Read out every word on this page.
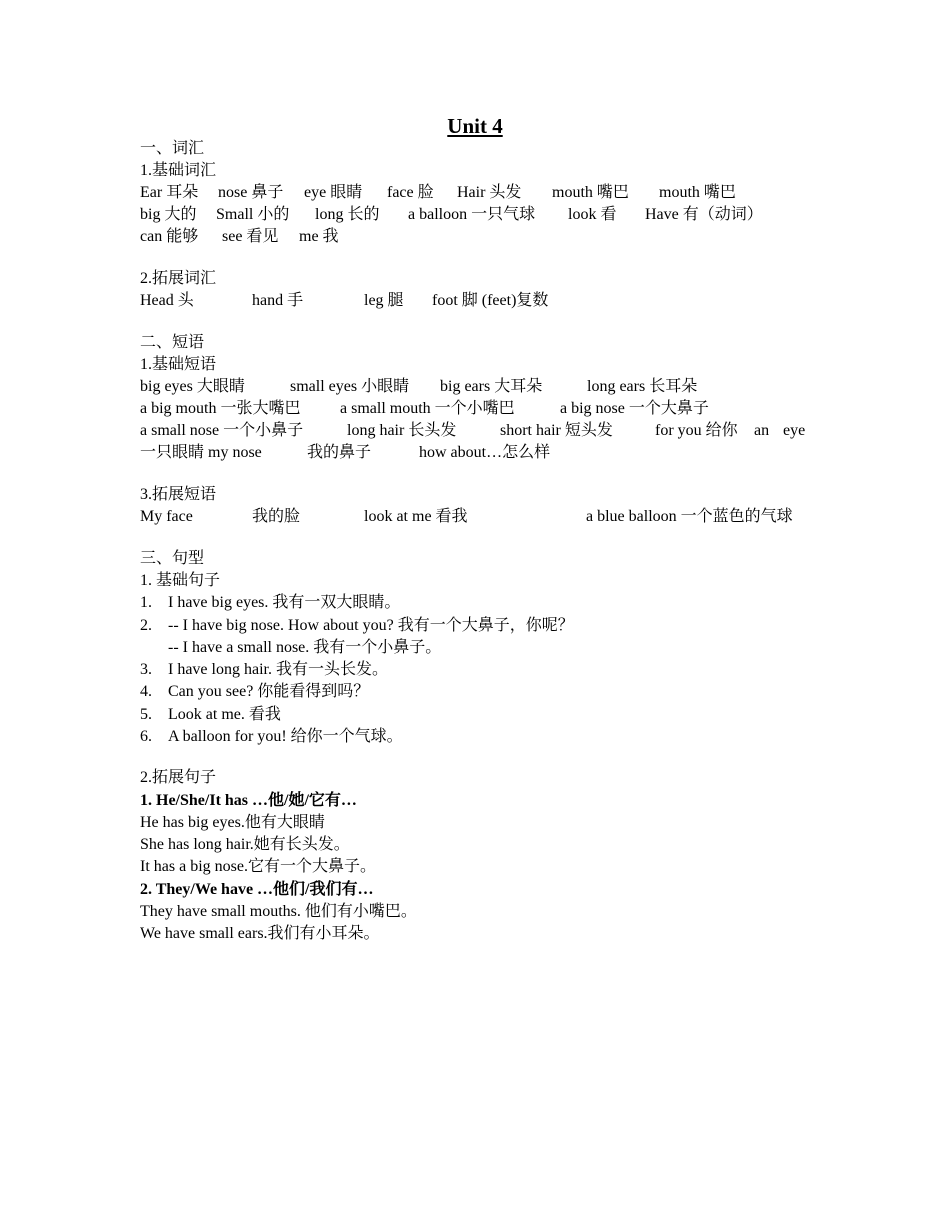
Unit 4
一、词汇
1.基础词汇
Ear 耳朵 nose 鼻子 eye 眼睛 face 脸 Hair 头发 mouth 嘴巴 mouth 嘴巴
big 大的 Small 小的 long 长的 a balloon 一只气球 look 看 Have 有（动词）
can 能够 see 看见 me 我
2.拓展词汇
Head 头	hand 手	leg 腿 foot 脚 (feet)复数
二、短语
1.基础短语
big eyes 大眼睛	small eyes 小眼睛 big ears 大耳朵	long ears 长耳朵
a big mouth 一张大嘴巴 a small mouth 一个小嘴巴	a big nose 一个大鼻子
a small nose 一个小鼻子	long hair 长头发	short hair 短头发	for you 给你 an eye
一只眼睛 my nose	我的鼻子	how about…怎么样
3.拓展短语
My face	我的脸	look at me 看我	a blue balloon 一个蓝色的气球
三、句型
1. 基础句子
1. I have big eyes. 我有一双大眼睛。
2. -- I have big nose. How about you? 我有一个大鼻子，你呢？
-- I have a small nose. 我有一个小鼻子。
3. I have long hair. 我有一头长发。
4. Can you see? 你能看得到吗？
5. Look at me. 看我
6. A balloon for you! 给你一个气球。
2.拓展句子
1. He/She/It has …他/她/它有…
He has big eyes.他有大眼睛
She has long hair.她有长头发。
It has a big nose.它有一个大鼻子。
2. They/We have …他们/我们有…
They have small mouths. 他们有小嘴巴。
We have small ears.我们有小耳朵。
